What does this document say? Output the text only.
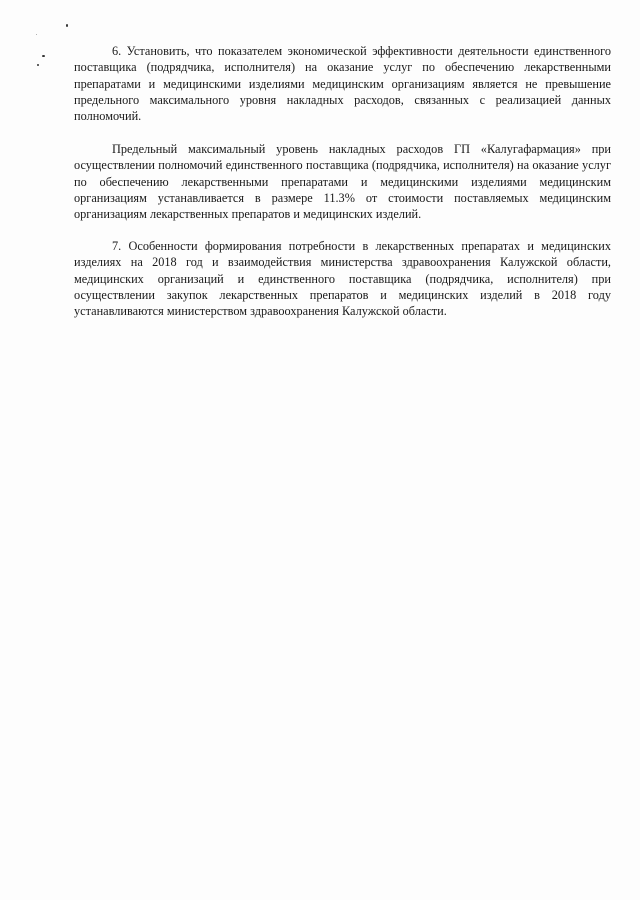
6. Установить, что показателем экономической эффективности деятельности единственного поставщика (подрядчика, исполнителя) на оказание услуг по обеспечению лекарственными препаратами и медицинскими изделиями медицинским организациям является не превышение предельного максимального уровня накладных расходов, связанных с реализацией данных полномочий.

Предельный максимальный уровень накладных расходов ГП «Калугафармация» при осуществлении полномочий единственного поставщика (подрядчика, исполнителя) на оказание услуг по обеспечению лекарственными препаратами и медицинскими изделиями медицинским организациям устанавливается в размере 11.3% от стоимости поставляемых медицинским организациям лекарственных препаратов и медицинских изделий.

7. Особенности формирования потребности в лекарственных препаратах и медицинских изделиях на 2018 год и взаимодействия министерства здравоохранения Калужской области, медицинских организаций и единственного поставщика (подрядчика, исполнителя) при осуществлении закупок лекарственных препаратов и медицинских изделий в 2018 году устанавливаются министерством здравоохранения Калужской области.
